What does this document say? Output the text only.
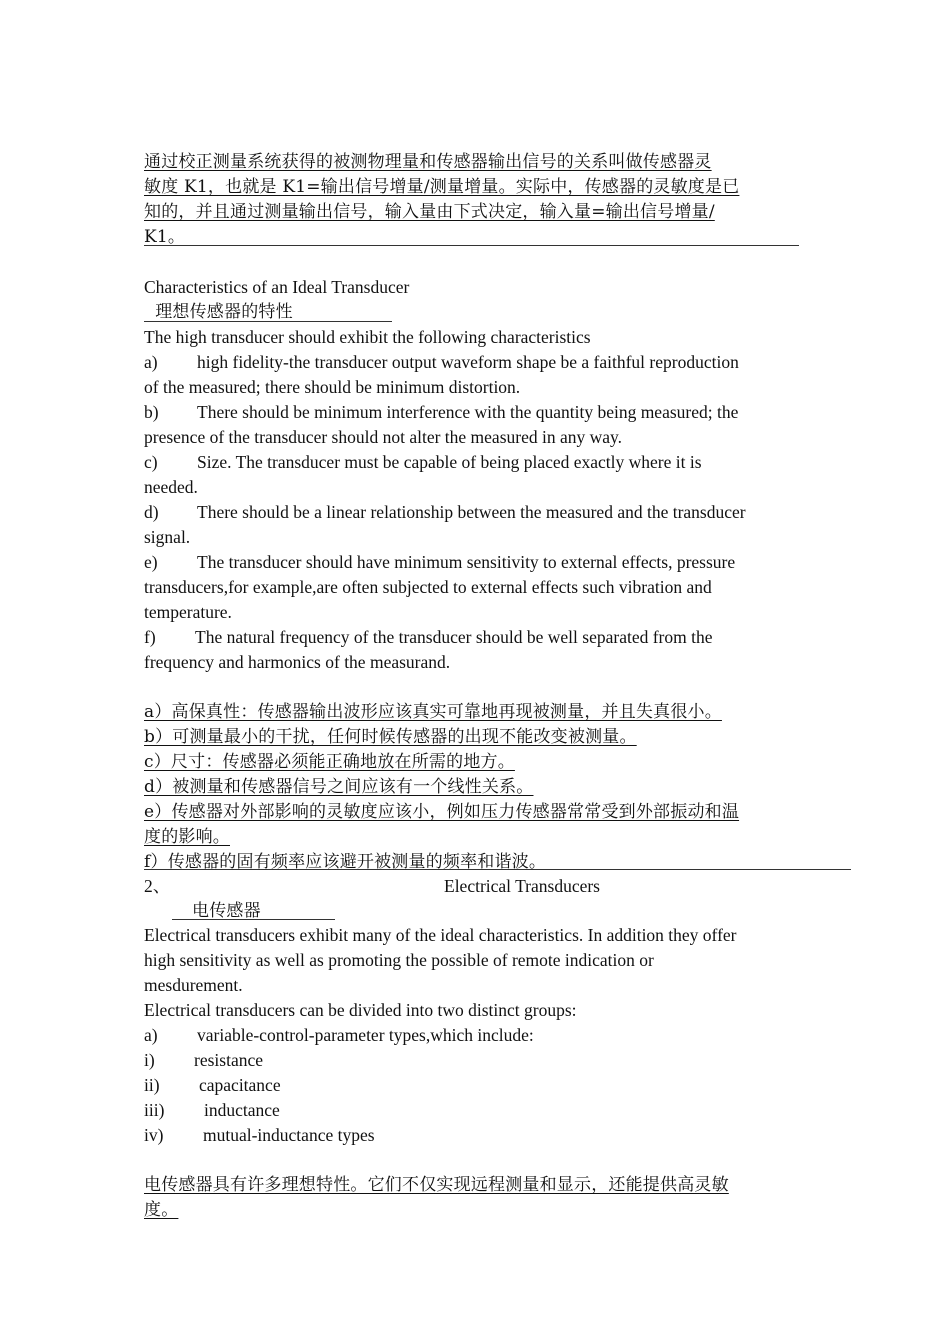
通过校正测量系统获得的被测物理量和传感器输出信号的关系叫做传感器灵
敏度 K1，也就是 K1=输出信号增量/测量增量。实际中，传感器的灵敏度是已
知的，并且通过测量输出信号，输入量由下式决定，输入量=输出信号增量/
K1。
Characteristics of an Ideal Transducer
理想传感器的特性
The high transducer should exhibit the following characteristics
a) high fidelity-the transducer output waveform shape be a faithful reproduction
of the measured; there should be minimum distortion.
b) There should be minimum interference with the quantity being measured; the
presence of the transducer should not alter the measured in any way.
c) Size. The transducer must be capable of being placed exactly where it is
needed.
d) There should be a linear relationship between the measured and the transducer
signal.
e) The transducer should have minimum sensitivity to external effects, pressure
transducers,for example,are often subjected to external effects such vibration and
temperature.
f) The natural frequency of the transducer should be well separated from the
frequency and harmonics of the measurand.
a）高保真性：传感器输出波形应该真实可靠地再现被测量，并且失真很小。
b）可测量最小的干扰，任何时候传感器的出现不能改变被测量。
c）尺寸：传感器必须能正确地放在所需的地方。
d）被测量和传感器信号之间应该有一个线性关系。
e）传感器对外部影响的灵敏度应该小，例如压力传感器常常受到外部振动和温
度的影响。
f）传感器的固有频率应该避开被测量的频率和谐波。
2、	Electrical Transducers
电传感器
Electrical transducers exhibit many of the ideal characteristics. In addition they offer
high sensitivity as well as promoting the possible of remote indication or
mesdurement.
Electrical transducers can be divided into two distinct groups:
a) variable-control-parameter types,which include:
i) resistance
ii) capacitance
iii) inductance
iv) mutual-inductance types
电传感器具有许多理想特性。它们不仅实现远程测量和显示，还能提供高灵敏
度。
